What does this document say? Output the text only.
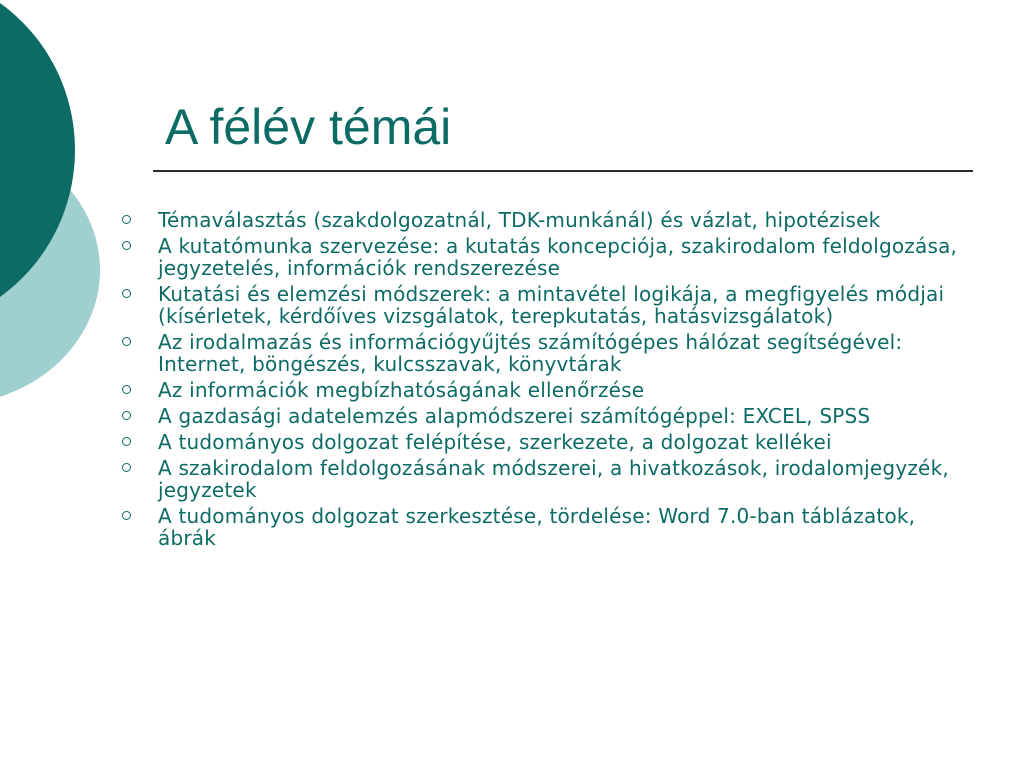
A félév témái
Témaválasztás (szakdolgozatnál, TDK-munkánál) és vázlat, hipotézisek
A kutatómunka szervezése: a kutatás koncepciója, szakirodalom feldolgozása, jegyzetelés, információk rendszerezése
Kutatási és elemzési módszerek: a mintavétel logikája, a megfigyelés módjai (kísérletek, kérdőíves vizsgálatok, terepkutatás, hatásvizsgálatok)
Az irodalmazás és információgyűjtés számítógépes hálózat segítségével: Internet, böngészés, kulcsszavak, könyvtárak
Az információk megbízhatóságának ellenőrzése
A gazdasági adatelemzés alapmódszerei számítógéppel: EXCEL, SPSS
A tudományos dolgozat felépítése, szerkezete, a dolgozat kellékei
A szakirodalom feldolgozásának módszerei, a hivatkozások, irodalomjegyzék, jegyzetek
A tudományos dolgozat szerkesztése, tördelése: Word 7.0-ban táblázatok, ábrák
